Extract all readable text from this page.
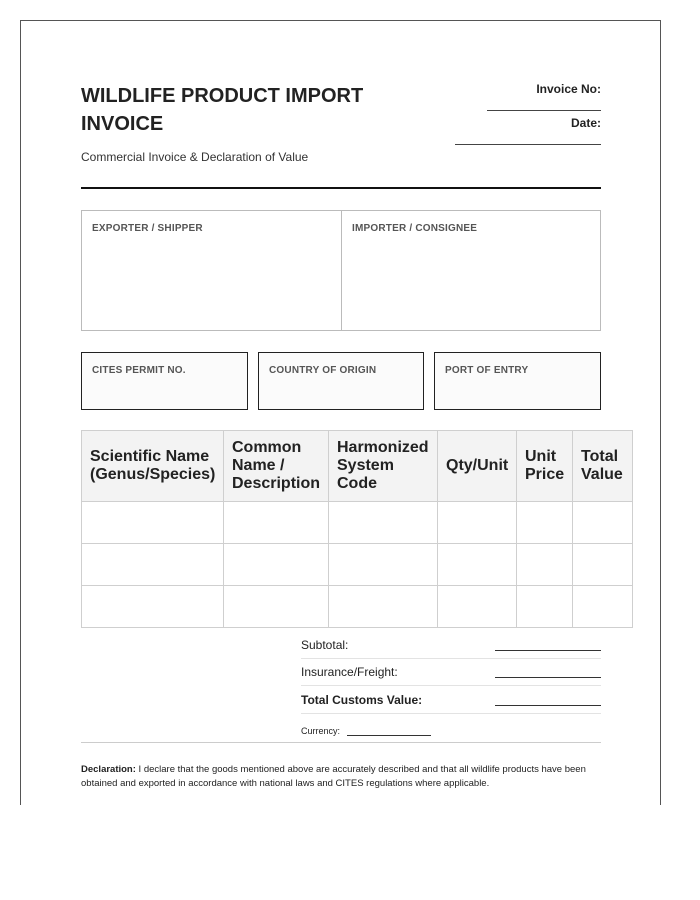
WILDLIFE PRODUCT IMPORT INVOICE
Commercial Invoice & Declaration of Value
Invoice No:
Date:
EXPORTER / SHIPPER	IMPORTER / CONSIGNEE
CITES PERMIT NO.	COUNTRY OF ORIGIN	PORT OF ENTRY
Scientific Name (Genus/Species)	Common Name / Description	Harmonized System Code	Qty/Unit	Unit Price	Total Value

Subtotal:
Insurance/Freight:
Total Customs Value:
Currency:
Declaration: I declare that the goods mentioned above are accurately described and that all wildlife products have been obtained and exported in accordance with national laws and CITES regulations where applicable.
